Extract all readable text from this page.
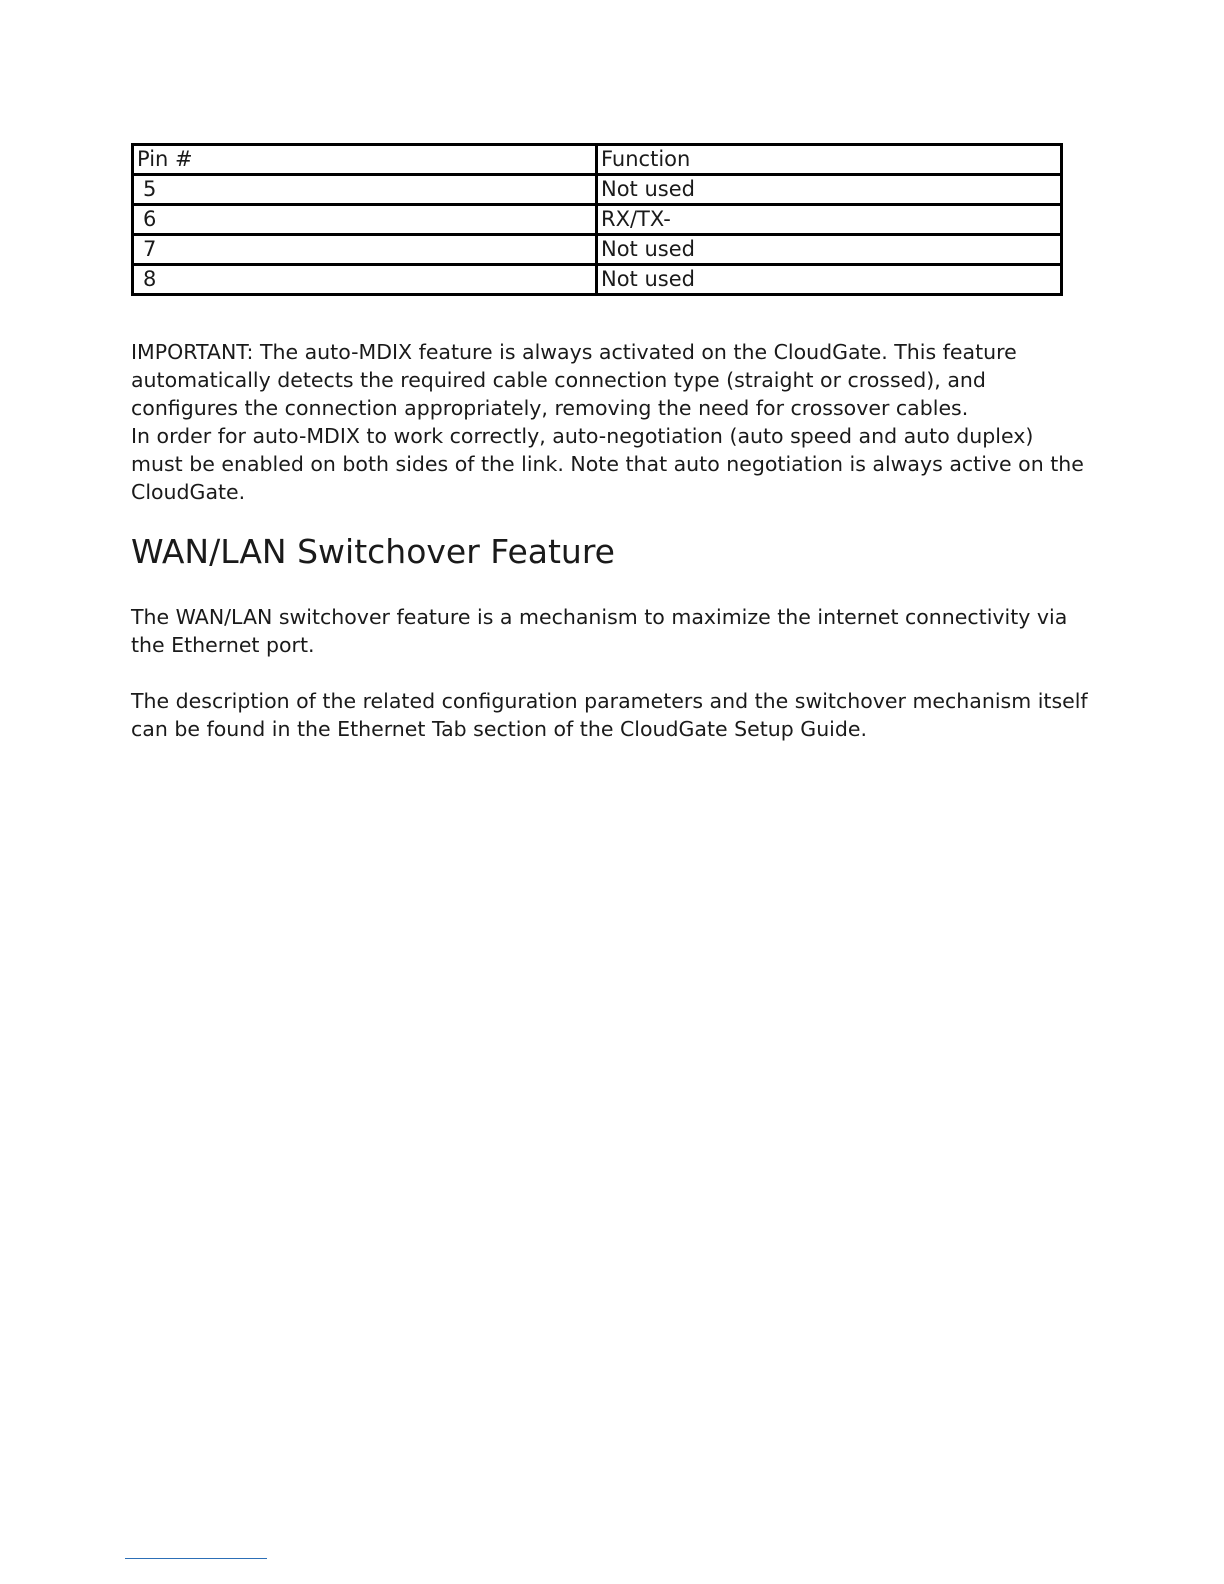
Pin #	Function
5	Not used
6	RX/TX-
7	Not used
8	Not used

IMPORTANT: The auto-MDIX feature is always activated on the CloudGate. This feature automatically detects the required cable connection type (straight or crossed), and configures the connection appropriately, removing the need for crossover cables.

In order for auto-MDIX to work correctly, auto-negotiation (auto speed and auto duplex) must be enabled on both sides of the link. Note that auto negotiation is always active on the CloudGate.

WAN/LAN Switchover Feature

The WAN/LAN switchover feature is a mechanism to maximize the internet connectivity via the Ethernet port.

The description of the related configuration parameters and the switchover mechanism itself can be found in the Ethernet Tab section of the CloudGate Setup Guide.
